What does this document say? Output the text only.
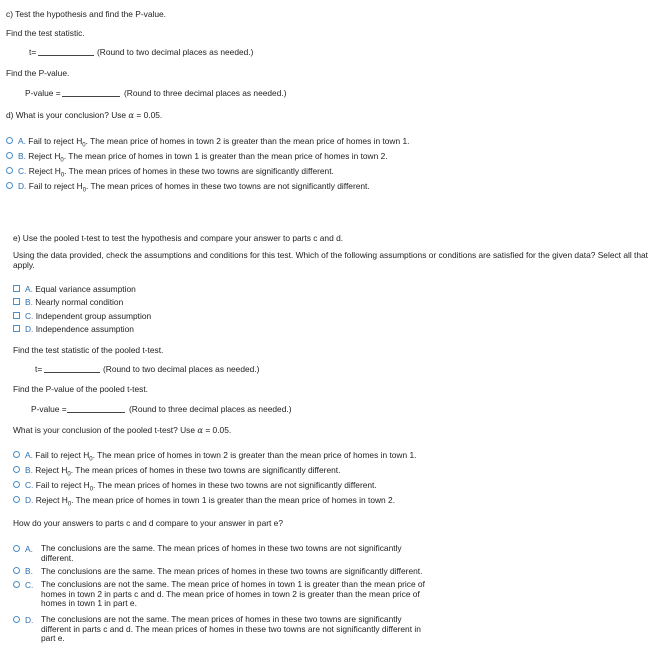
c) Test the hypothesis and find the P-value.
Find the test statistic.
t=	(Round to two decimal places as needed.)
Find the P-value.
P-value =	(Round to three decimal places as needed.)
d) What is your conclusion? Use α = 0.05.
A. Fail to reject $H_0$. The mean price of homes in town 2 is greater than the mean price of homes in town 1.
B. Reject $H_0$. The mean price of homes in town 1 is greater than the mean price of homes in town 2.
C. Reject $H_0$. The mean prices of homes in these two towns are significantly different.
D. Fail to reject $H_0$. The mean prices of homes in these two towns are not significantly different.
e) Use the pooled t-test to test the hypothesis and compare your answer to parts c and d.
Using the data provided, check the assumptions and conditions for this test. Which of the following assumptions or conditions are satisfied for the given data? Select all that apply.
A. Equal variance assumption
B. Nearly normal condition
C. Independent group assumption
D. Independence assumption
Find the test statistic of the pooled t-test.
t=	(Round to two decimal places as needed.)
Find the P-value of the pooled t-test.
P-value =	(Round to three decimal places as needed.)
What is your conclusion of the pooled t-test? Use α = 0.05.
A. Fail to reject $H_0$. The mean price of homes in town 2 is greater than the mean price of homes in town 1.
B. Reject $H_0$. The mean prices of homes in these two towns are significantly different.
C. Fail to reject $H_0$. The mean prices of homes in these two towns are not significantly different.
D. Reject $H_0$. The mean price of homes in town 1 is greater than the mean price of homes in town 2.
How do your answers to parts c and d compare to your answer in part e?
A. The conclusions are the same. The mean prices of homes in these two towns are not significantly different.
B. The conclusions are the same. The mean prices of homes in these two towns are significantly different.
C. The conclusions are not the same. The mean price of homes in town 1 is greater than the mean price of homes in town 2 in parts c and d. The mean price of homes in town 2 is greater than the mean price of homes in town 1 in part e.
D. The conclusions are not the same. The mean prices of homes in these two towns are significantly different in parts c and d. The mean prices of homes in these two towns are not significantly different in part e.
